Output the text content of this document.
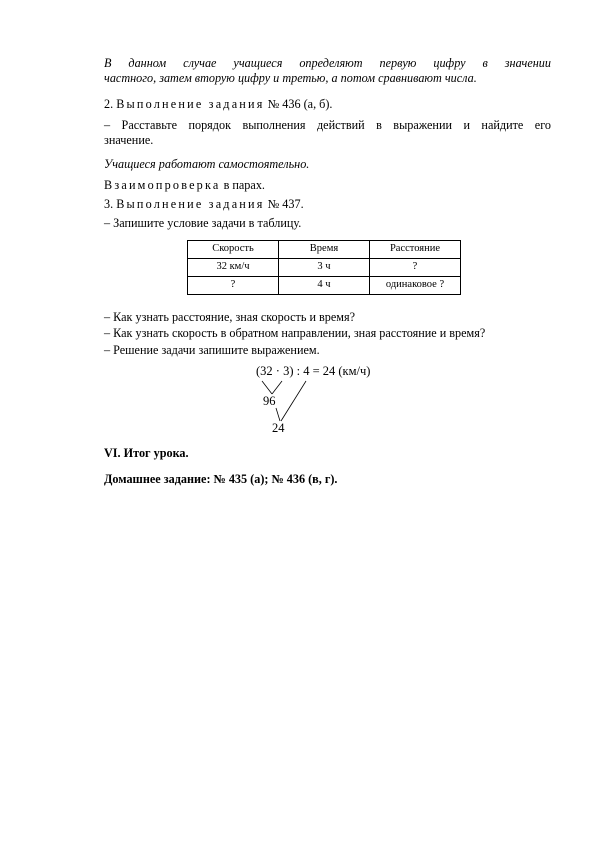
В данном случае учащиеся определяют первую цифру в значении
частного, затем вторую цифру и третью, а потом сравнивают числа.
2. Выполнение задания № 436 (а, б).
– Расставьте порядок выполнения действий в выражении и найдите его
значение.
Учащиеся работают самостоятельно.
Взаимопроверка в парах.
3. Выполнение задания № 437.
– Запишите условие задачи в таблицу.
Скорость	Время	Расстояние
32 км/ч	3 ч	?
?	4 ч	одинаковое ?
– Как узнать расстояние, зная скорость и время?
– Как узнать скорость в обратном направлении, зная расстояние и время?
– Решение задачи запишите выражением.
(32 · 3) : 4 = 24 (км/ч)
96
24
VI. Итог урока.
Домашнее задание: № 435 (а); № 436 (в, г).
